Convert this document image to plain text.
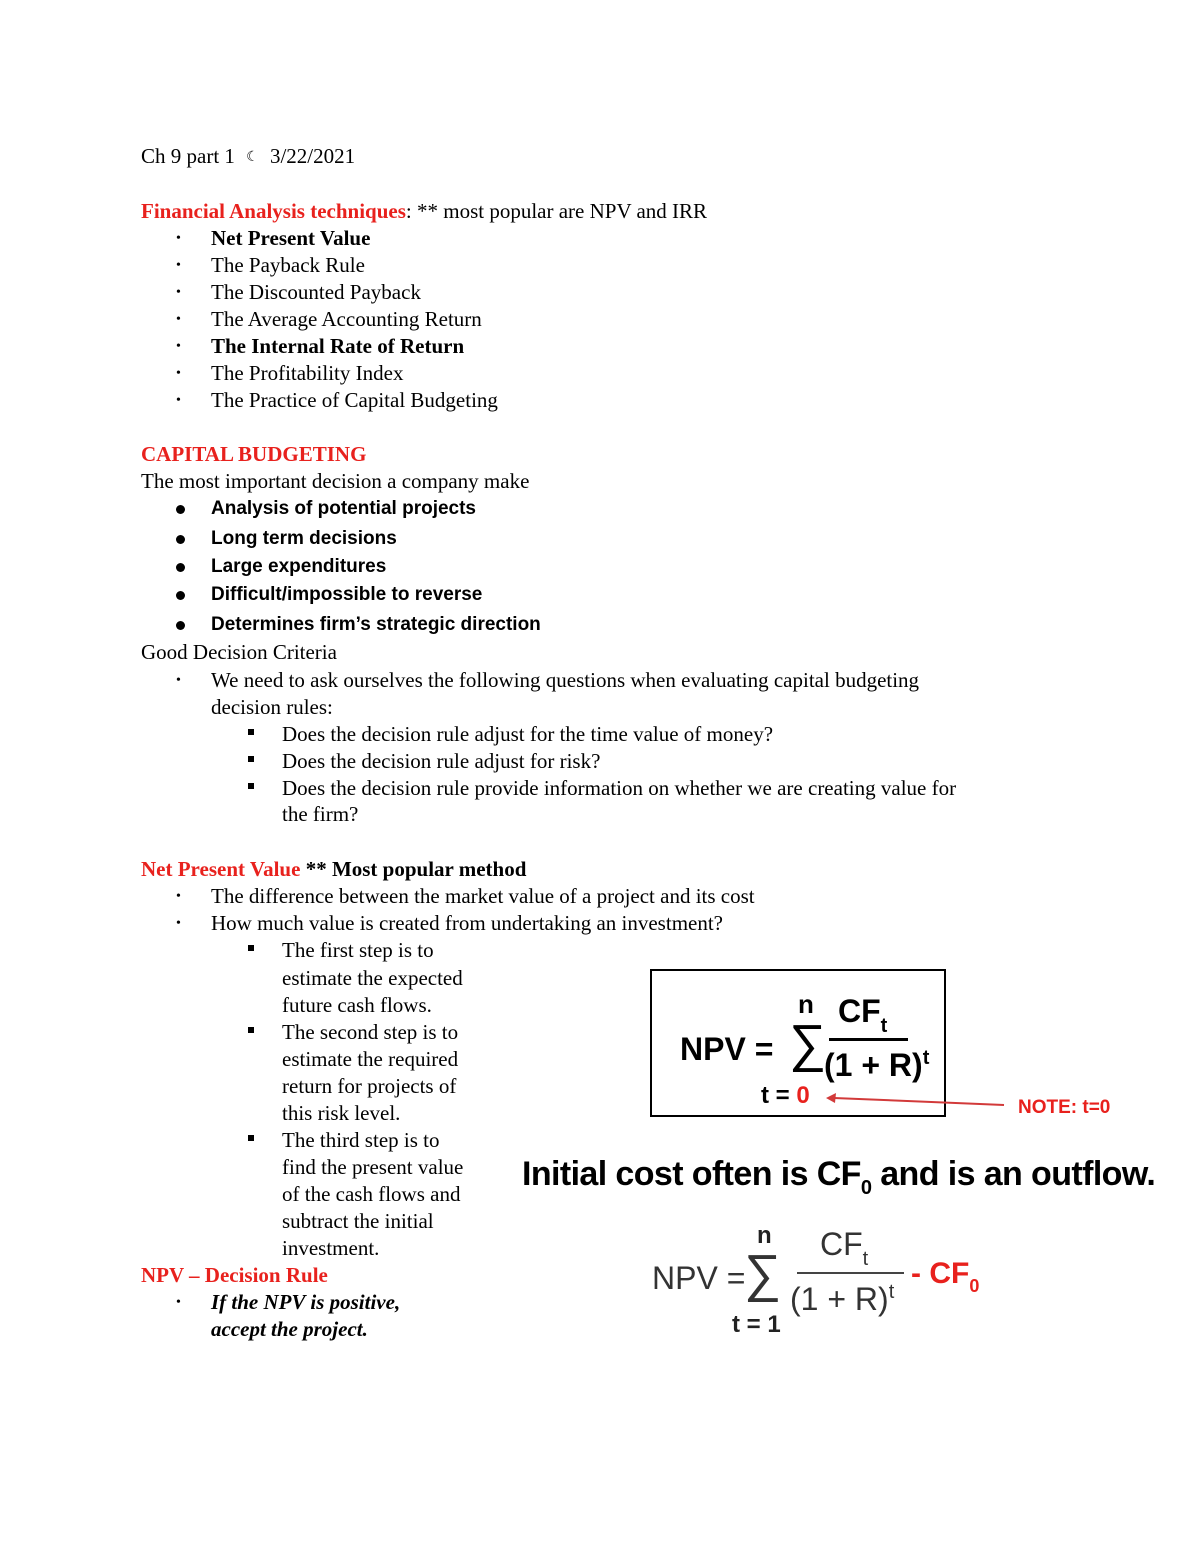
Ch 9 part 1 ☾ 3/22/2021
Financial Analysis techniques: ** most popular are NPV and IRR
• Net Present Value
• The Payback Rule
• The Discounted Payback
• The Average Accounting Return
• The Internal Rate of Return
• The Profitability Index
• The Practice of Capital Budgeting
CAPITAL BUDGETING
The most important decision a company make
Analysis of potential projects
Long term decisions
Large expenditures
Difficult/impossible to reverse
Determines firm’s strategic direction
Good Decision Criteria
• We need to ask ourselves the following questions when evaluating capital budgeting
decision rules:
Does the decision rule adjust for the time value of money?
Does the decision rule adjust for risk?
Does the decision rule provide information on whether we are creating value for
the firm?
Net Present Value ** Most popular method
• The difference between the market value of a project and its cost
• How much value is created from undertaking an investment?
The first step is to
estimate the expected
future cash flows.
The second step is to
estimate the required
return for projects of
this risk level.
The third step is to
find the present value
of the cash flows and
subtract the initial
investment.
NPV – Decision Rule
• If the NPV is positive,
accept the project.
NPV = ∑
n
t = 0
$CF_t$
$(1 + R)^t$
NOTE: t=0
Initial cost often is $CF_0$ and is an outflow.
NPV =
∑
n
t = 1
$CF_t$
$(1 + R)^t$
- $CF_0$
